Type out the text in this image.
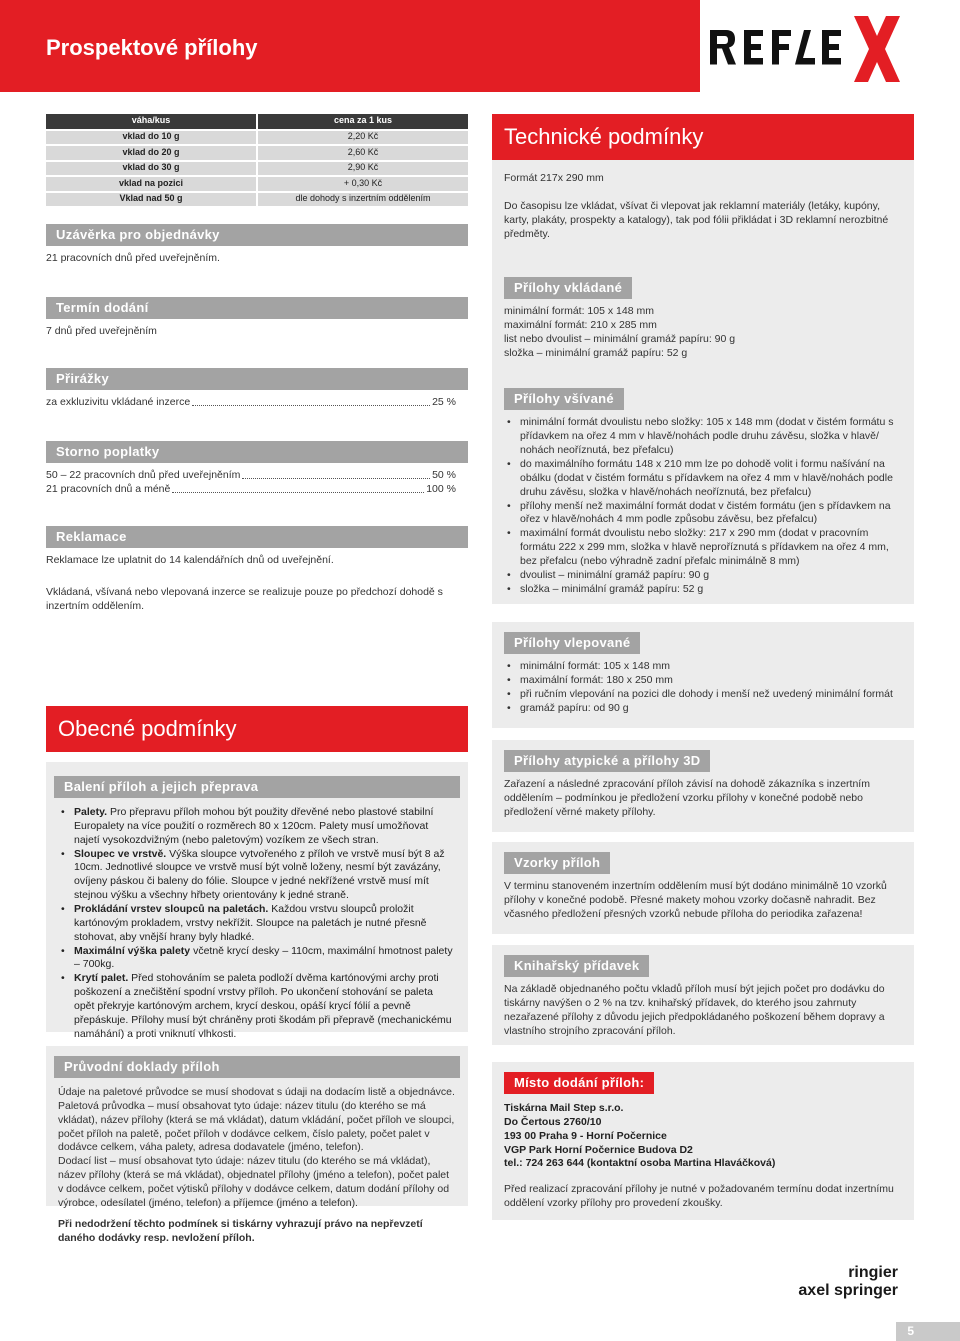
Prospektové přílohy
váha/kus	cena za 1 kus
vklad do 10 g	2,20 Kč
vklad do 20 g	2,60 Kč
vklad do 30 g	2,90 Kč
vklad na pozici	+ 0,30 Kč
Vklad nad 50 g	dle dohody s inzertním oddělením
Uzávěrka pro objednávky
21 pracovních dnů před uveřejněním.
Termín dodání
7 dnů před uveřejněním
Přirážky
za exkluzivitu vkládané inzerce	25 %
Storno poplatky
50 – 22 pracovních dnů před uveřejněním	50 %
21 pracovních dnů a méně	100 %
Reklamace
Reklamace lze uplatnit do 14 kalendářních dnů od uveřejnění.
Vkládaná, všívaná nebo vlepovaná inzerce se realizuje pouze po předchozí dohodě s inzertním oddělením.
Obecné podmínky
Balení příloh a jejich přeprava
• Palety. Pro přepravu příloh mohou být použity dřevěné nebo plastové stabilní Europalety na více použití o rozměrech 80 x 120cm. Palety musí umožňovat najetí vysokozdvižným (nebo paletovým) vozíkem ze všech stran.
• Sloupec ve vrstvě. Výška sloupce vytvořeného z příloh ve vrstvě musí být 8 až 10cm. Jednotlivé sloupce ve vrstvě musí být volně loženy, nesmí být zavázány, ovíjeny páskou či baleny do fólie. Sloupce v jedné nekřížené vrstvě musí mít stejnou výšku a všechny hřbety orientovány k jedné straně.
• Prokládání vrstev sloupců na paletách. Každou vrstvu sloupců proložit kartónovým prokladem, vrstvy nekřížit. Sloupce na paletách je nutné přesně stohovat, aby vnější hrany byly hladké.
• Maximální výška palety včetně krycí desky – 110cm, maximální hmotnost palety – 700kg.
• Krytí palet. Před stohováním se paleta podloží dvěma kartónovými archy proti poškození a znečištění spodní vrstvy příloh. Po ukončení stohování se paleta opět překryje kartónovým archem, krycí deskou, opáší krycí fólií a pevně přepáskuje. Přílohy musí být chráněny proti škodám při přepravě (mechanickému namáhání) a proti vniknutí vlhkosti.
Průvodní doklady příloh
Údaje na paletové průvodce se musí shodovat s údaji na dodacím listě a objednávce. Paletová průvodka – musí obsahovat tyto údaje: název titulu (do kterého se má vkládat), název přílohy (která se má vkládat), datum vkládání, počet příloh ve sloupci, počet příloh na paletě, počet příloh v dodávce celkem, číslo palety, počet palet v dodávce celkem, váha palety, adresa dodavatele (jméno, telefon).
Dodací list – musí obsahovat tyto údaje: název titulu (do kterého se má vkládat), název přílohy (která se má vkládat), objednatel přílohy (jméno a telefon), počet palet v dodávce celkem, počet výtisků přílohy v dodávce celkem, datum dodání přílohy od výrobce, odesílatel (jméno, telefon) a příjemce (jméno a telefon).
Při nedodržení těchto podmínek si tiskárny vyhrazují právo na nepřevzetí daného dodávky resp. nevložení příloh.
Technické podmínky
Formát 217x 290 mm
Do časopisu lze vkládat, všívat či vlepovat jak reklamní materiály (letáky, kupóny, karty, plakáty, prospekty a katalogy), tak pod fólii přikládat i 3D reklamní nerozbitné předměty.
Přílohy vkládané
minimální formát: 105 x 148 mm
maximální formát: 210 x 285 mm
list nebo dvoulist – minimální gramáž papíru: 90 g
složka – minimální gramáž papíru: 52 g
Přílohy všívané
• minimální formát dvoulistu nebo složky: 105 x 148 mm (dodat v čistém formátu s přídavkem na ořez 4 mm v hlavě/nohách podle druhu závěsu, složka v hlavě/ nohách neoříznutá, bez přefalcu)
• do maximálního formátu 148 x 210 mm lze po dohodě volit i formu našívání na obálku (dodat v čistém formátu s přídavkem na ořez 4 mm v hlavě/nohách podle druhu závěsu, složka v hlavě/nohách neoříznutá, bez přefalcu)
• přílohy menší než maximální formát dodat v čistém formátu (jen s přídavkem na ořez v hlavě/nohách 4 mm podle způsobu závěsu, bez přefalcu)
• maximální formát dvoulistu nebo složky: 217 x 290 mm (dodat v pracovním formátu 222 x 299 mm, složka v hlavě neproříznutá s přídavkem na ořez 4 mm, bez přefalcu (nebo výhradně zadní přefalc minimálně 8 mm)
• dvoulist – minimální gramáž papíru: 90 g
• složka – minimální gramáž papíru: 52 g
Přílohy vlepované
• minimální formát: 105 x 148 mm
• maximální formát: 180 x 250 mm
• při ručním vlepování na pozici dle dohody i menší než uvedený minimální formát
• gramáž papíru: od 90 g
Přílohy atypické a přílohy 3D
Zařazení a následné zpracování příloh závisí na dohodě zákazníka s inzertním oddělením – podmínkou je předložení vzorku přílohy v konečné podobě nebo předložení věrné makety přílohy.
Vzorky příloh
V terminu stanoveném inzertním oddělením musí být dodáno minimálně 10 vzorků přílohy v konečné podobě. Přesné makety mohou vzorky dočasně nahradit. Bez včasného předložení přesných vzorků nebude příloha do periodika zařazena!
Knihařský přídavek
Na základě objednaného počtu vkladů příloh musí být jejich počet pro dodávku do tiskárny navýšen o 2 % na tzv. knihařský přídavek, do kterého jsou zahrnuty nezařazené přílohy z důvodu jejich předpokládaného poškození během dopravy a vlastního strojního zpracování příloh.
Místo dodání příloh:
Tiskárna Mail Step s.r.o.
Do Čertous 2760/10
193 00 Praha 9 - Horní Počernice
VGP Park Horní Počernice Budova D2
tel.: 724 263 644 (kontaktní osoba Martina Hlaváčková)
Před realizací zpracování přílohy je nutné v požadovaném termínu dodat inzertnímu oddělení vzorky přílohy pro provedení zkoušky.
ringier
axel springer
5
